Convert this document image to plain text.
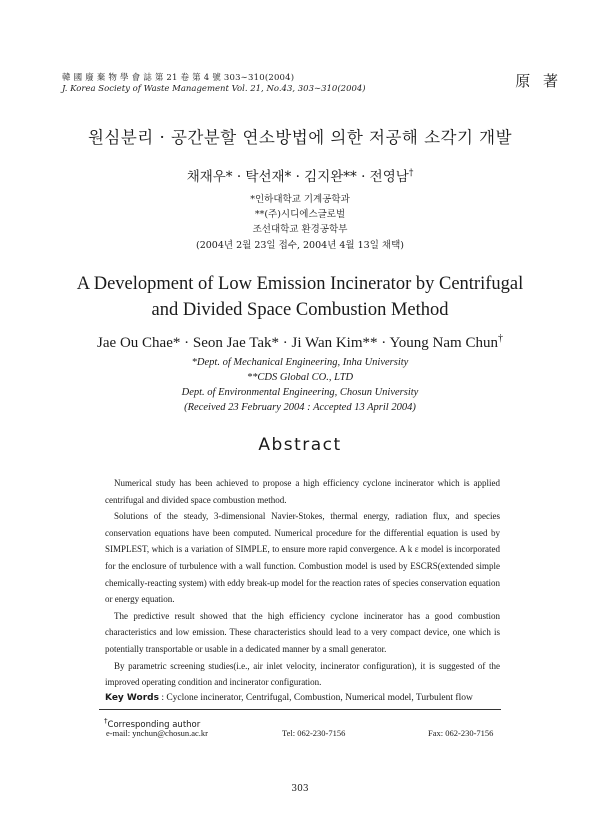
韓 國 廢 棄 物 學 會 誌 第 21 卷 第 4 號 303∼310(2004)
J. Korea Society of Waste Management Vol. 21, No.43, 303∼310(2004)	原 著
원심분리 · 공간분할 연소방법에 의한 저공해 소각기 개발
채재우* · 탁선재* · 김지완** · 전영남†
*인하대학교 기계공학과
**(주)시디에스글로벌
조선대학교 환경공학부
(2004년 2월 23일 접수, 2004년 4월 13일 채택)
A Development of Low Emission Incinerator by Centrifugal
and Divided Space Combustion Method
Jae Ou Chae* · Seon Jae Tak* · Ji Wan Kim** · Young Nam Chun†
*Dept. of Mechanical Engineering, Inha University
**CDS Global CO., LTD
Dept. of Environmental Engineering, Chosun University
(Received 23 February 2004 : Accepted 13 April 2004)
Abstract

Numerical study has been achieved to propose a high efficiency cyclone incinerator which is applied centrifugal and divided space combustion method.

Solutions of the steady, 3-dimensional Navier-Stokes, thermal energy, radiation flux, and species conservation equations have been computed. Numerical procedure for the differential equation is used by SIMPLEST, which is a variation of SIMPLE, to ensure more rapid convergence. A k ε model is incorporated for the enclosure of turbulence with a wall function. Combustion model is used by ESCRS(extended simple chemically-reacting system) with eddy break-up model for the reaction rates of species conservation equation or energy equation.

The predictive result showed that the high efficiency cyclone incinerator has a good combustion characteristics and low emission. These characteristics should lead to a very compact device, one which is potentially transportable or usable in a dedicated manner by a small generator.

By parametric screening studies(i.e., air inlet velocity, incinerator configuration), it is suggested of the improved operating condition and incinerator configuration.

Key Words : Cyclone incinerator, Centrifugal, Combustion, Numerical model, Turbulent flow
†Corresponding author
e-mail: ynchun@chosun.ac.kr	Tel: 062-230-7156	Fax: 062-230-7156
303
